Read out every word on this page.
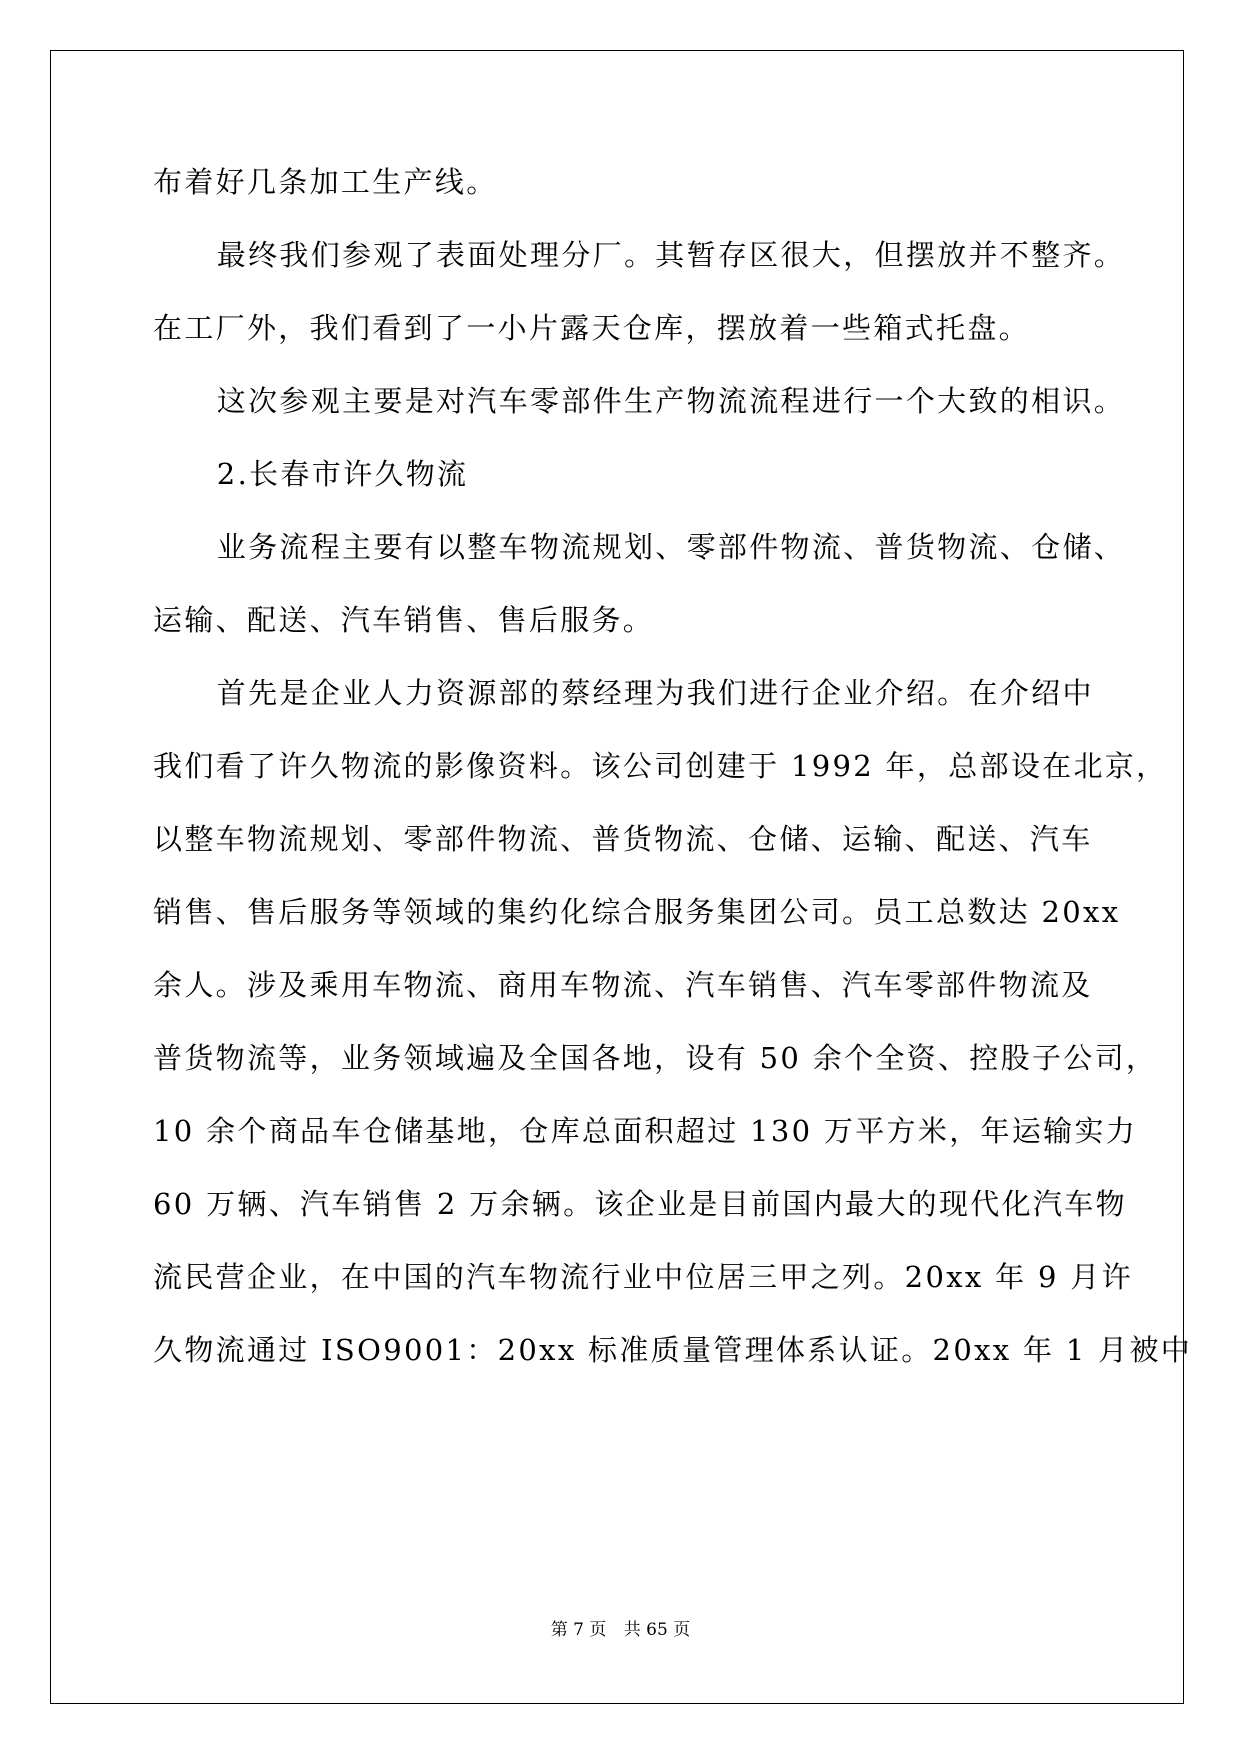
布着好几条加工生产线。
最终我们参观了表面处理分厂。其暂存区很大，但摆放并不整齐。
在工厂外，我们看到了一小片露天仓库，摆放着一些箱式托盘。
这次参观主要是对汽车零部件生产物流流程进行一个大致的相识。
2.长春市许久物流
业务流程主要有以整车物流规划、零部件物流、普货物流、仓储、
运输、配送、汽车销售、售后服务。
首先是企业人力资源部的蔡经理为我们进行企业介绍。在介绍中
我们看了许久物流的影像资料。该公司创建于 1992 年，总部设在北京，
以整车物流规划、零部件物流、普货物流、仓储、运输、配送、汽车
销售、售后服务等领域的集约化综合服务集团公司。员工总数达 20xx
余人。涉及乘用车物流、商用车物流、汽车销售、汽车零部件物流及
普货物流等，业务领域遍及全国各地，设有 50 余个全资、控股子公司，
10 余个商品车仓储基地，仓库总面积超过 130 万平方米，年运输实力
60 万辆、汽车销售 2 万余辆。该企业是目前国内最大的现代化汽车物
流民营企业，在中国的汽车物流行业中位居三甲之列。20xx 年 9 月许
久物流通过 ISO9001：20xx 标准质量管理体系认证。20xx 年 1 月被中
第 7 页 共 65 页
